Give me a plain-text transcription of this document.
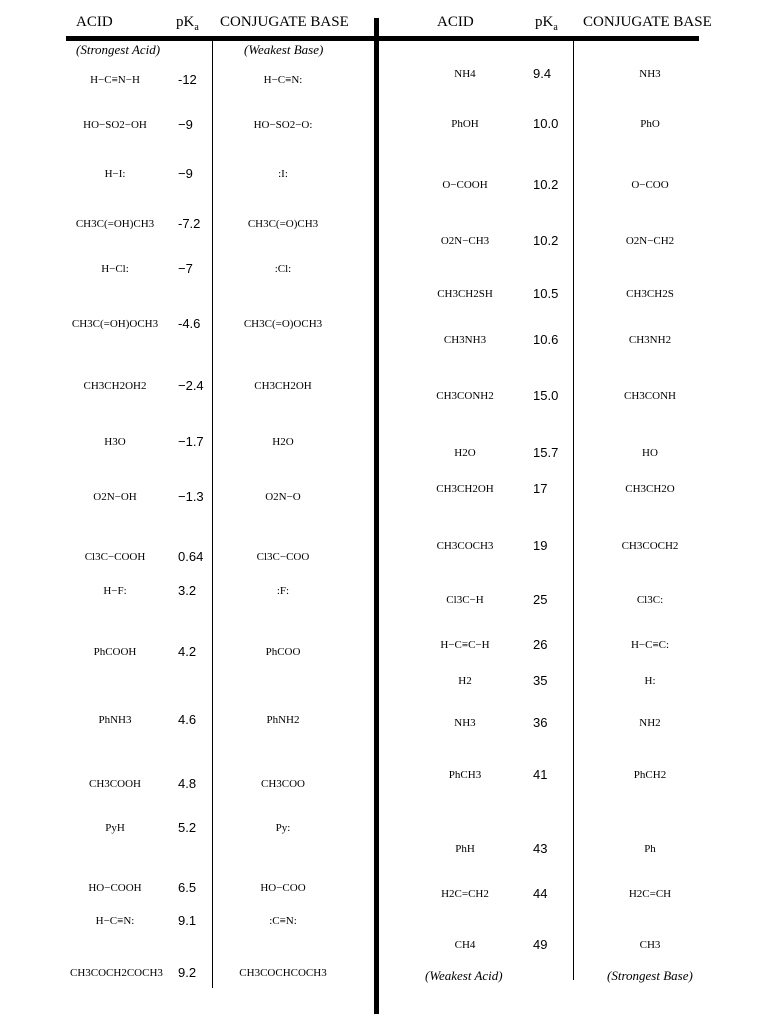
ACID	$pK_a$ CONJUGATE BASE	ACID	$pK_a$ CONJUGATE BASE
(Strongest Acid)	(Weakest Base)
(Weakest Acid)	(Strongest Base)
H−C≡N−H	-12	H−C≡N:
HO−SO2−OH	−9	HO−SO2−O:
H−I:	−9	:I:
CH3C(=OH)CH3	-7.2	CH3C(=O)CH3
H−Cl:	−7	:Cl:
CH3C(=OH)OCH3 -4.6	CH3C(=O)OCH3
CH3CH2OH2	−2.4	CH3CH2OH
H3O	−1.7	H2O
O2N−OH	−1.3	O2N−O
Cl3C−COOH	0.64	Cl3C−COO
H−F:	3.2	:F:
PhCOOH	4.2	PhCOO
PhNH3	4.6	PhNH2
CH3COOH	4.8	CH3COO
PyH	5.2	Py:
HO−COOH	6.5	HO−COO
H−C≡N:	9.1	:C≡N:
CH3COCH2COCH3 9.2	CH3COCHCOCH3
NH4	9.4	NH3
PhOH	10.0	PhO
O−COOH	10.2	O−COO
O2N−CH3	10.2	O2N−CH2
CH3CH2SH	10.5	CH3CH2S
CH3NH3	10.6	CH3NH2
CH3CONH2	15.0	CH3CONH
H2O	15.7	HO
CH3CH2OH	17	CH3CH2O
CH3COCH3	19	CH3COCH2
Cl3C−H	25	Cl3C:
H−C≡C−H	26	H−C≡C:
H2	35	H:
NH3	36	NH2
PhCH3	41	PhCH2
PhH	43	Ph
H2C=CH2	44	H2C=CH
CH4	49	CH3
